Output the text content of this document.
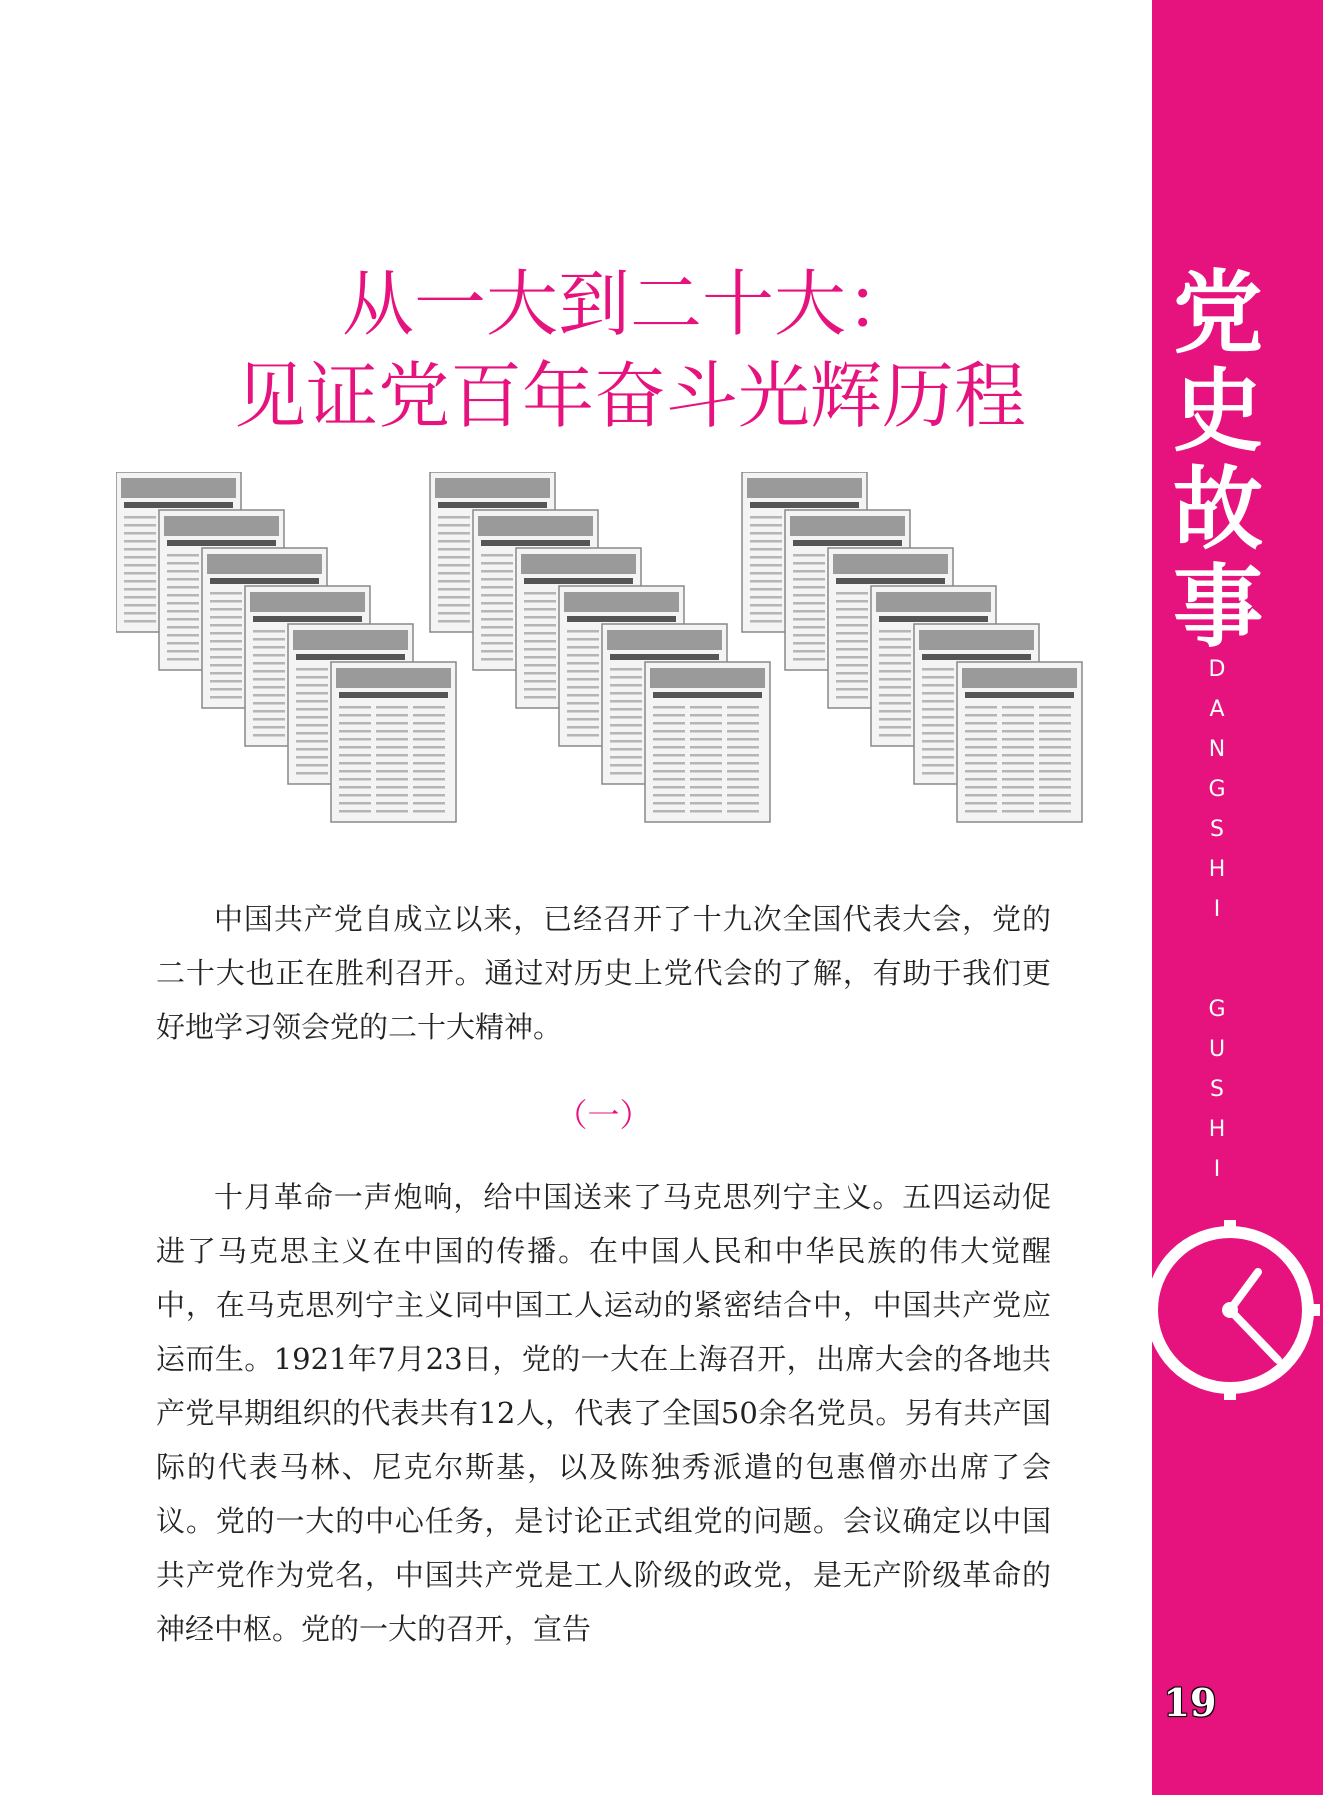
党
史
故
事
D
A
N
G
S
H
I
G
U
S
H
I
19
从一大到二十大：
见证党百年奋斗光辉历程
中国共产党自成立以来，已经召开了十九次全国代表大会，党的二十大也正在胜利召开。通过对历史上党代会的了解，有助于我们更好地学习领会党的二十大精神。
（一）
十月革命一声炮响，给中国送来了马克思列宁主义。五四运动促进了马克思主义在中国的传播。在中国人民和中华民族的伟大觉醒中，在马克思列宁主义同中国工人运动的紧密结合中，中国共产党应运而生。1921年7月23日，党的一大在上海召开，出席大会的各地共产党早期组织的代表共有12人，代表了全国50余名党员。另有共产国际的代表马林、尼克尔斯基，以及陈独秀派遣的包惠僧亦出席了会议。党的一大的中心任务，是讨论正式组党的问题。会议确定以中国共产党作为党名，中国共产党是工人阶级的政党，是无产阶级革命的神经中枢。党的一大的召开，宣告
